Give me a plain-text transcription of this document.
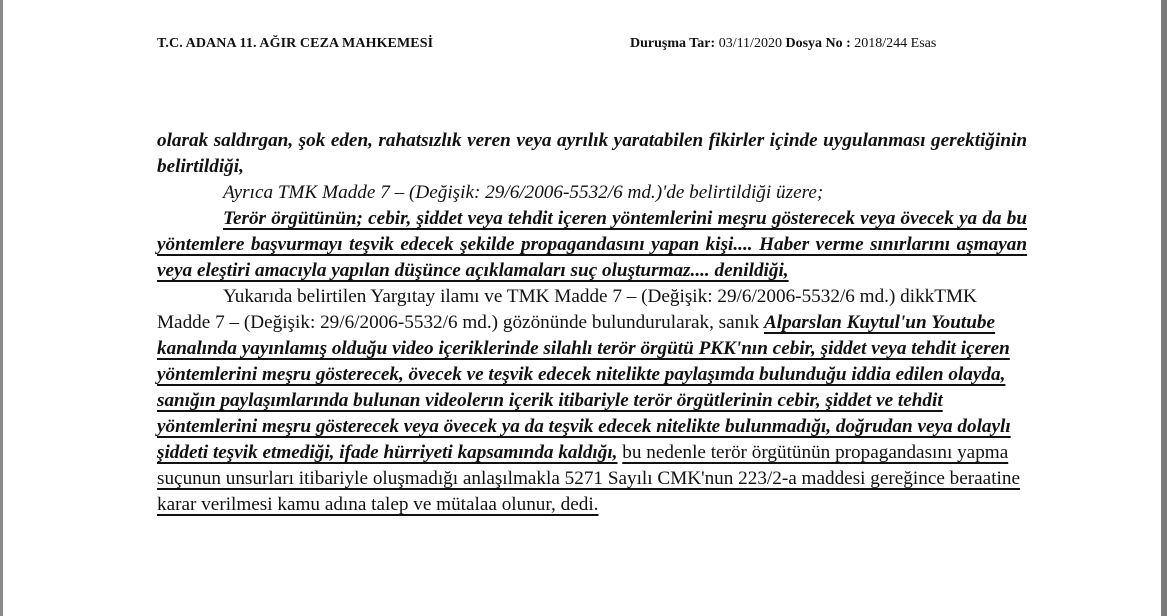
T.C. ADANA 11. AĞIR CEZA MAHKEMESİ	Duruşma Tar: 03/11/2020 Dosya No : 2018/244 Esas

olarak saldırgan, şok eden, rahatsızlık veren veya ayrılık yaratabilen fikirler içinde uygulanması gerektiğinin belirtildiği,

Ayrıca TMK Madde 7 – (Değişik: 29/6/2006-5532/6 md.)'de belirtildiği üzere;

Terör örgütünün; cebir, şiddet veya tehdit içeren yöntemlerini meşru gösterecek veya övecek ya da bu yöntemlere başvurmayı teşvik edecek şekilde propagandasını yapan kişi.... Haber verme sınırlarını aşmayan veya eleştiri amacıyla yapılan düşünce açıklamaları suç oluşturmaz.... denildiği,

Yukarıda belirtilen Yargıtay ilamı ve TMK Madde 7 – (Değişik: 29/6/2006-5532/6 md.) dikkTMK Madde 7 – (Değişik: 29/6/2006-5532/6 md.) gözönünde bulundurularak, sanık Alparslan Kuytul'un Youtube kanalında yayınlamış olduğu video içeriklerinde silahlı terör örgütü PKK'nın cebir, şiddet veya tehdit içeren yöntemlerini meşru gösterecek, övecek ve teşvik edecek nitelikte paylaşımda bulunduğu iddia edilen olayda, sanığın paylaşımlarında bulunan videolerın içerik itibariyle terör örgütlerinin cebir, şiddet ve tehdit yöntemlerini meşru gösterecek veya övecek ya da teşvik edecek nitelikte bulunmadığı, doğrudan veya dolaylı şiddeti teşvik etmediği, ifade hürriyeti kapsamında kaldığı, bu nedenle terör örgütünün propagandasını yapma suçunun unsurları itibariyle oluşmadığı anlaşılmakla 5271 Sayılı CMK'nun 223/2-a maddesi gereğince beraatine karar verilmesi kamu adına talep ve mütalaa olunur, dedi.
